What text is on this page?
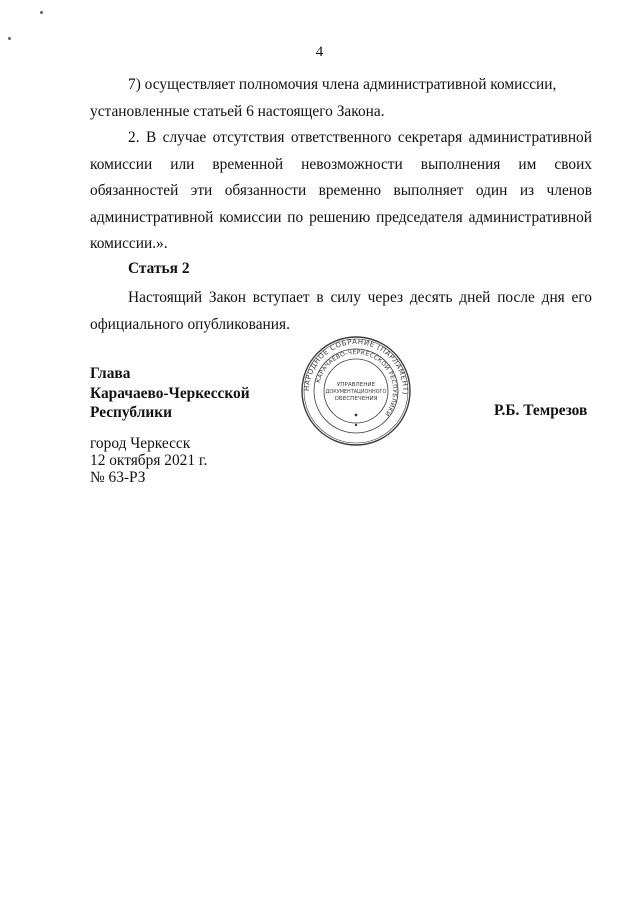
4

7) осуществляет полномочия члена административной комиссии,

установленные статьей 6 настоящего Закона.

2. В случае отсутствия ответственного секретаря административной комиссии или временной невозможности выполнения им своих обязанностей эти обязанности временно выполняет один из членов административной комиссии по решению председателя административной комиссии.».

Статья 2

Настоящий Закон вступает в силу через десять дней после дня его официального опубликования.

Глава
Карачаево-Черкесской
Республики	Р.Б. Темрезов
город Черкесск
12 октября 2021 г.
№ 63-РЗ
НАРОДНОЕ СОБРАНИЕ (ПАРЛАМЕНТ)
КАРАЧАЕВО-ЧЕРКЕССКОЙ РЕСПУБЛИКИ
УПРАВЛЕНИЕ
ДОКУМЕНТАЦИОННОГО
ОБЕСПЕЧЕНИЯ
